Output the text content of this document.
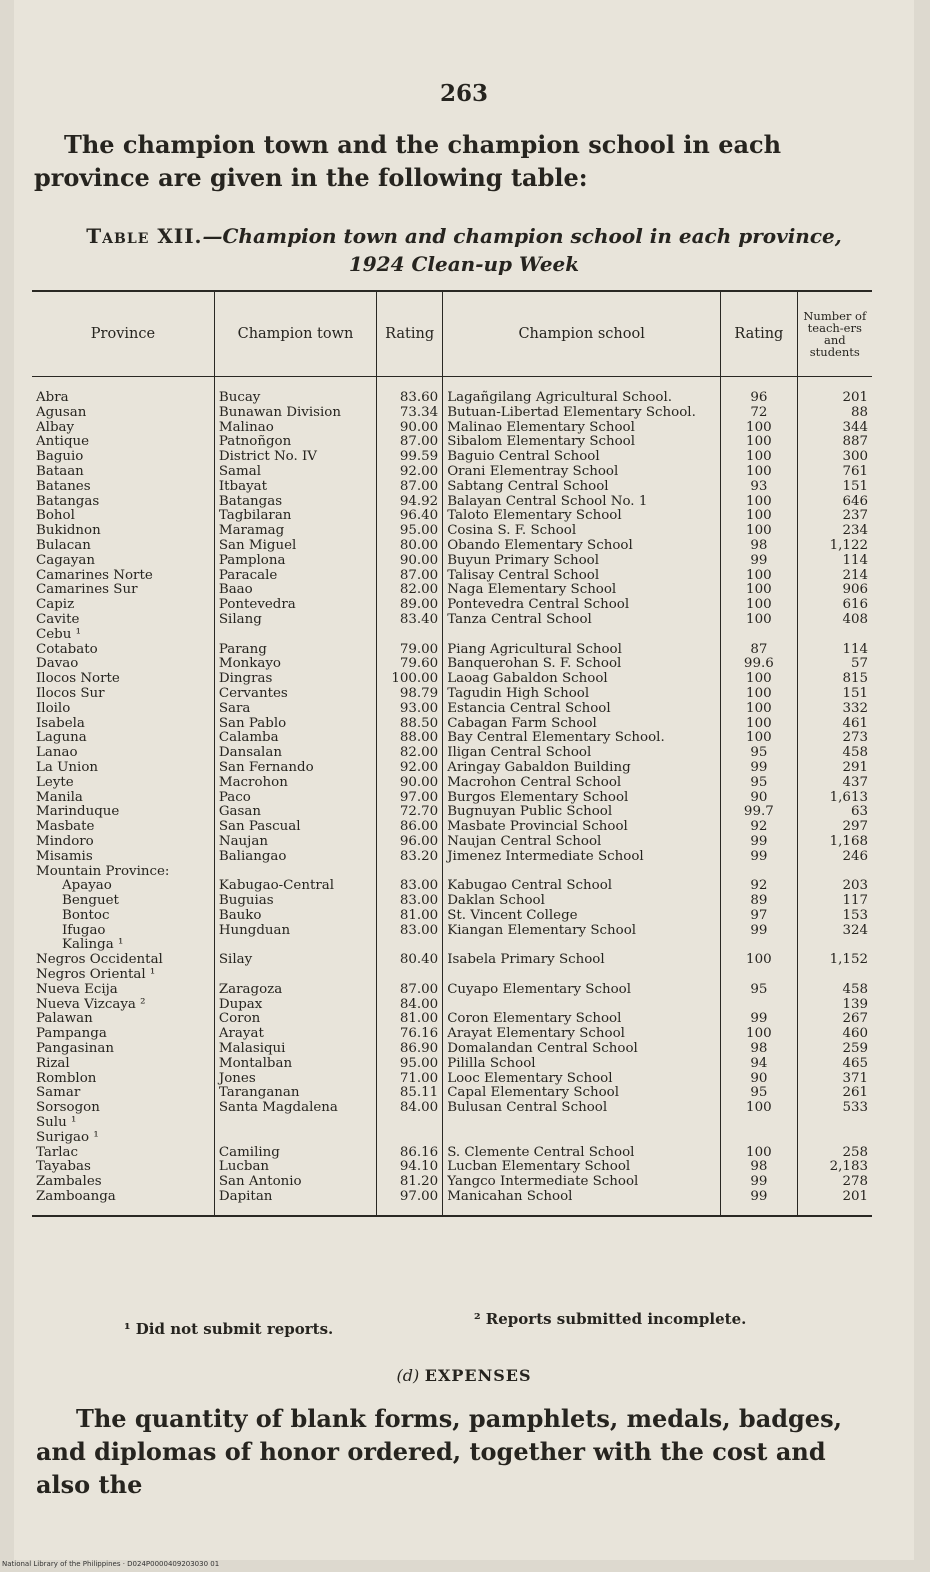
263
The champion town and the champion school in each province are given in the following table:
Table XII.—Champion town and champion school in each province,
1924 Clean-up Week
Province	Champion town	Rating	Champion school	Rating	Number of teach-ers and students
Abra	Bucay	83.60	Lagañgilang Agricultural School.	96	201
Agusan	Bunawan Division	73.34	Butuan-Libertad Elementary School.	72	88
Albay	Malinao	90.00	Malinao Elementary School	100	344
Antique	Patnoñgon	87.00	Sibalom Elementary School	100	887
Baguio	District No. IV	99.59	Baguio Central School	100	300
Bataan	Samal	92.00	Orani Elementray School	100	761
Batanes	Itbayat	87.00	Sabtang Central School	93	151
Batangas	Batangas	94.92	Balayan Central School No. 1	100	646
Bohol	Tagbilaran	96.40	Taloto Elementary School	100	237
Bukidnon	Maramag	95.00	Cosina S. F. School	100	234
Bulacan	San Miguel	80.00	Obando Elementary School	98	1,122
Cagayan	Pamplona	90.00	Buyun Primary School	99	114
Camarines Norte	Paracale	87.00	Talisay Central School	100	214
Camarines Sur	Baao	82.00	Naga Elementary School	100	906
Capiz	Pontevedra	89.00	Pontevedra Central School	100	616
Cavite	Silang	83.40	Tanza Central School	100	408
Cebu ¹					
Cotabato	Parang	79.00	Piang Agricultural School	87	114
Davao	Monkayo	79.60	Banquerohan S. F. School	99.6	57
Ilocos Norte	Dingras	100.00	Laoag Gabaldon School	100	815
Ilocos Sur	Cervantes	98.79	Tagudin High School	100	151
Iloilo	Sara	93.00	Estancia Central School	100	332
Isabela	San Pablo	88.50	Cabagan Farm School	100	461
Laguna	Calamba	88.00	Bay Central Elementary School.	100	273
Lanao	Dansalan	82.00	Iligan Central School	95	458
La Union	San Fernando	92.00	Aringay Gabaldon Building	99	291
Leyte	Macrohon	90.00	Macrohon Central School	95	437
Manila	Paco	97.00	Burgos Elementary School	90	1,613
Marinduque	Gasan	72.70	Bugnuyan Public School	99.7	63
Masbate	San Pascual	86.00	Masbate Provincial School	92	297
Mindoro	Naujan	96.00	Naujan Central School	99	1,168
Misamis	Baliangao	83.20	Jimenez Intermediate School	99	246
Mountain Province:					
Apayao	Kabugao-Central	83.00	Kabugao Central School	92	203
Benguet	Buguias	83.00	Daklan School	89	117
Bontoc	Bauko	81.00	St. Vincent College	97	153
Ifugao	Hungduan	83.00	Kiangan Elementary School	99	324
Kalinga ¹					
Negros Occidental	Silay	80.40	Isabela Primary School	100	1,152
Negros Oriental ¹					
Nueva Ecija	Zaragoza	87.00	Cuyapo Elementary School	95	458
Nueva Vizcaya ²	Dupax	84.00			139
Palawan	Coron	81.00	Coron Elementary School	99	267
Pampanga	Arayat	76.16	Arayat Elementary School	100	460
Pangasinan	Malasiqui	86.90	Domalandan Central School	98	259
Rizal	Montalban	95.00	Pililla School	94	465
Romblon	Jones	71.00	Looc Elementary School	90	371
Samar	Taranganan	85.11	Capal Elementary School	95	261
Sorsogon	Santa Magdalena	84.00	Bulusan Central School	100	533
Sulu ¹					
Surigao ¹					
Tarlac	Camiling	86.16	S. Clemente Central School	100	258
Tayabas	Lucban	94.10	Lucban Elementary School	98	2,183
Zambales	San Antonio	81.20	Yangco Intermediate School	99	278
Zamboanga	Dapitan	97.00	Manicahan School	99	201
¹ Did not submit reports.
² Reports submitted incomplete.
(d) EXPENSES
The quantity of blank forms, pamphlets, medals, badges, and diplomas of honor ordered, together with the cost and also the
National Library of the Philippines · D024P0000409203030 01
